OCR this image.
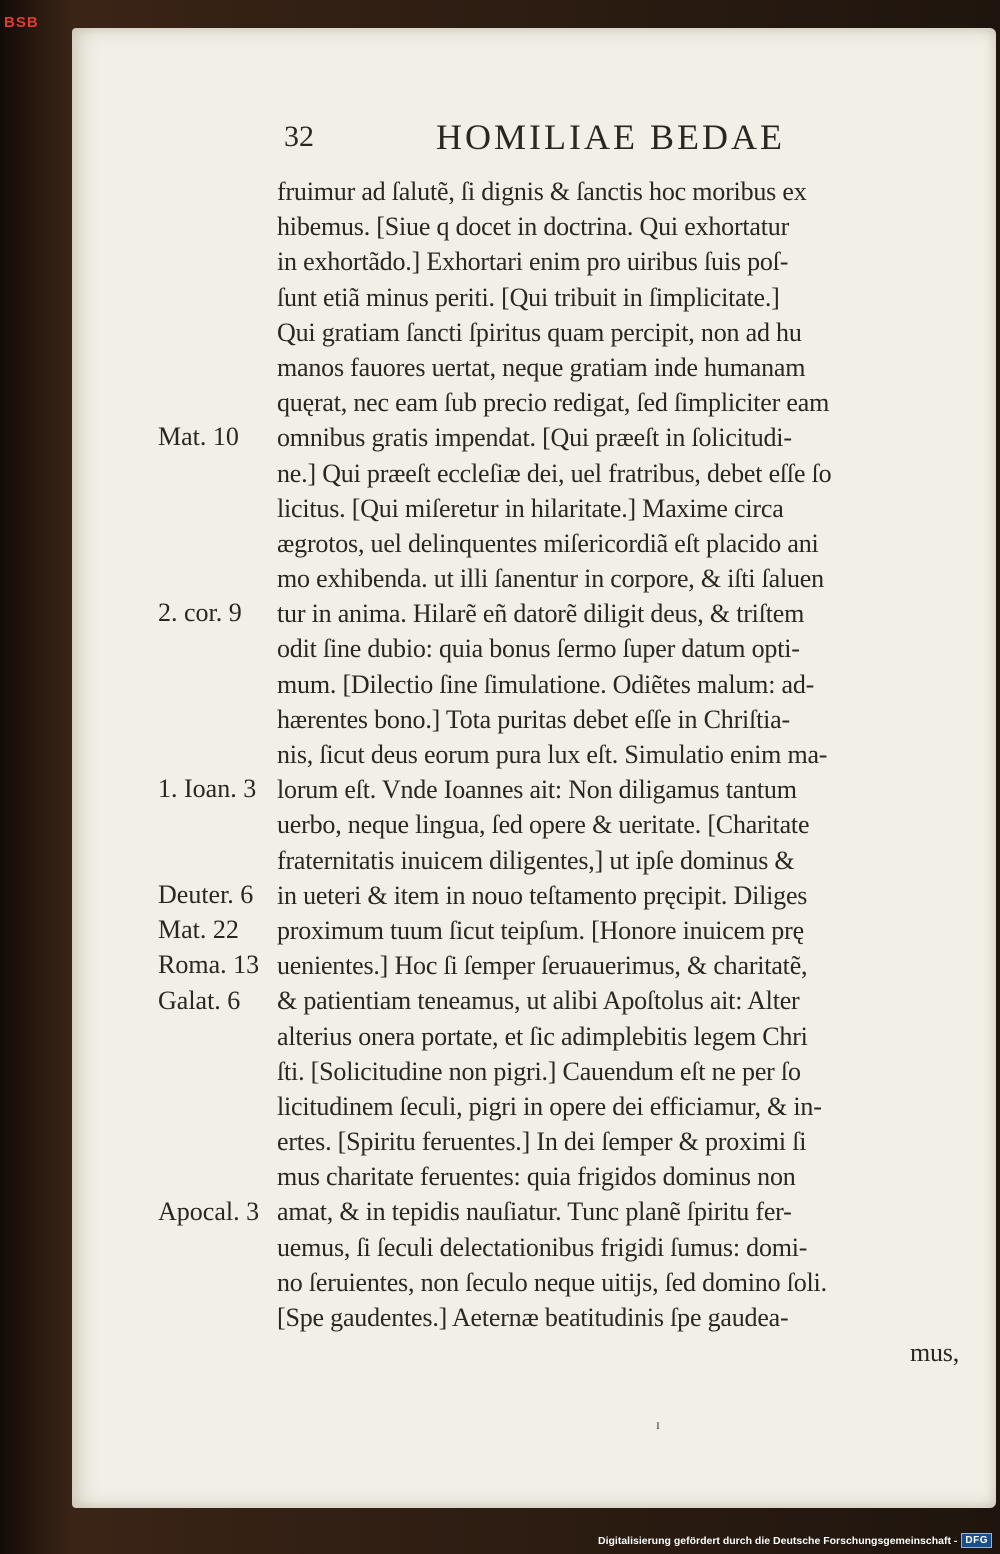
BSB
32	HOMILIAE BEDAE
fruimur ad ſalutẽ, ſi dignis & ſanctis hoc moribus ex
hibemus. [Siue q docet in doctrina. Qui exhortatur
in exhortãdo.] Exhortari enim pro uiribus ſuis poſ-
ſunt etiã minus periti. [Qui tribuit in ſimplicitate.]
Qui gratiam ſancti ſpiritus quam percipit, non ad hu
manos fauores uertat, neque gratiam inde humanam
quęrat, nec eam ſub precio redigat, ſed ſimpliciter eam
omnibus gratis impendat. [Qui præeſt in ſolicitudi-
ne.] Qui præeſt eccleſiæ dei, uel fratribus, debet eſſe ſo
licitus. [Qui miſeretur in hilaritate.] Maxime circa
ægrotos, uel delinquentes miſericordiã eſt placido ani
mo exhibenda. ut illi ſanentur in corpore, & iſti ſaluen
tur in anima. Hilarẽ eñ datorẽ diligit deus, & triſtem
odit ſine dubio: quia bonus ſermo ſuper datum opti-
mum. [Dilectio ſine ſimulatione. Odiẽtes malum: ad-
hærentes bono.] Tota puritas debet eſſe in Chriſtia-
nis, ſicut deus eorum pura lux eſt. Simulatio enim ma-
lorum eſt. Vnde Ioannes ait: Non diligamus tantum
uerbo, neque lingua, ſed opere & ueritate. [Charitate
fraternitatis inuicem diligentes,] ut ipſe dominus &
in ueteri & item in nouo teſtamento pręcipit. Diliges
proximum tuum ſicut teipſum. [Honore inuicem prę
uenientes.] Hoc ſi ſemper ſeruauerimus, & charitatẽ,
& patientiam teneamus, ut alibi Apoſtolus ait: Alter
alterius onera portate, et ſic adimplebitis legem Chri
ſti. [Solicitudine non pigri.] Cauendum eſt ne per ſo
licitudinem ſeculi, pigri in opere dei efficiamur, & in-
ertes. [Spiritu feruentes.] In dei ſemper & proximi ſi
mus charitate feruentes: quia frigidos dominus non
amat, & in tepidis nauſiatur. Tunc planẽ ſpiritu fer-
uemus, ſi ſeculi delectationibus frigidi ſumus: domi-
no ſeruientes, non ſeculo neque uitijs, ſed domino ſoli.
[Spe gaudentes.] Aeternæ beatitudinis ſpe gaudea-
mus,
Mat. 10
2. cor. 9
1. Ioan. 3
Deuter. 6
Mat. 22
Roma. 13
Galat. 6
Apocal. 3
ɪ
Digitalisierung gefördert durch die Deutsche Forschungsgemeinschaft - DFG
